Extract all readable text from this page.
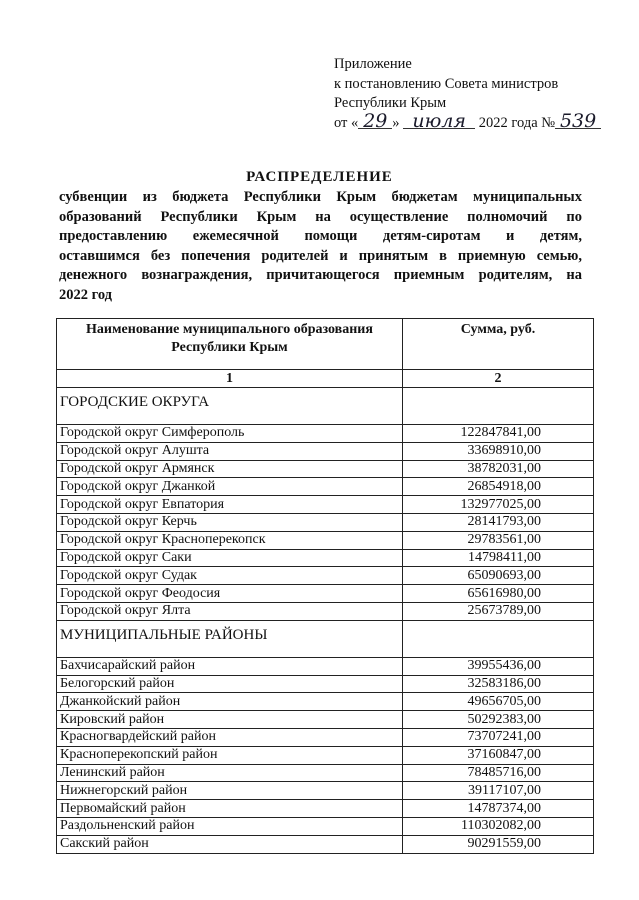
Приложение
к постановлению Совета министров
Республики Крым
от « 29 » июля 2022 года № 539
РАСПРЕДЕЛЕНИЕ
субвенции из бюджета Республики Крым бюджетам муниципальных
образований Республики Крым на осуществление полномочий по
предоставлению ежемесячной помощи детям-сиротам и детям,
оставшимся без попечения родителей и принятым в приемную семью,
денежного вознаграждения, причитающегося приемным родителям, на
2022 год
Наименование муниципального образования Республики Крым	Сумма, руб.
1	2
ГОРОДСКИЕ ОКРУГА	
Городской округ Симферополь	122847841,00
Городской округ Алушта	33698910,00
Городской округ Армянск	38782031,00
Городской округ Джанкой	26854918,00
Городской округ Евпатория	132977025,00
Городской округ Керчь	28141793,00
Городской округ Красноперекопск	29783561,00
Городской округ Саки	14798411,00
Городской округ Судак	65090693,00
Городской округ Феодосия	65616980,00
Городской округ Ялта	25673789,00
МУНИЦИПАЛЬНЫЕ РАЙОНЫ	
Бахчисарайский район	39955436,00
Белогорский район	32583186,00
Джанкойский район	49656705,00
Кировский район	50292383,00
Красногвардейский район	73707241,00
Красноперекопский район	37160847,00
Ленинский район	78485716,00
Нижнегорский район	39117107,00
Первомайский район	14787374,00
Раздольненский район	110302082,00
Сакский район	90291559,00
